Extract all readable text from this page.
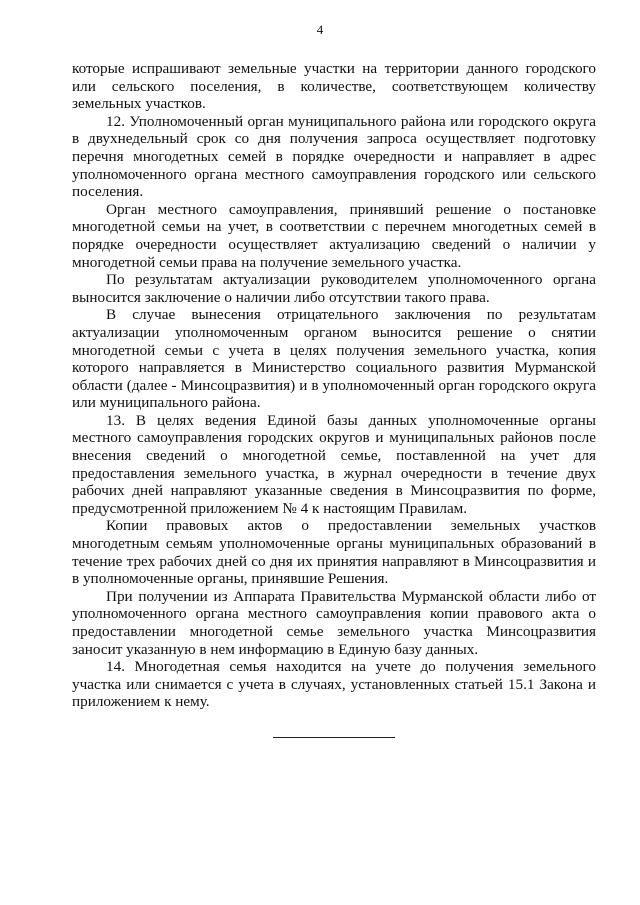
4

которые испрашивают земельные участки на территории данного городского или сельского поселения, в количестве, соответствующем количеству земельных участков.

12. Уполномоченный орган муниципального района или городского округа в двухнедельный срок со дня получения запроса осуществляет подготовку перечня многодетных семей в порядке очередности и направляет в адрес уполномоченного органа местного самоуправления городского или сельского поселения.

Орган местного самоуправления, принявший решение о постановке многодетной семьи на учет, в соответствии с перечнем многодетных семей в порядке очередности осуществляет актуализацию сведений о наличии у многодетной семьи права на получение земельного участка.

По результатам актуализации руководителем уполномоченного органа выносится заключение о наличии либо отсутствии такого права.

В случае вынесения отрицательного заключения по результатам актуализации уполномоченным органом выносится решение о снятии многодетной семьи с учета в целях получения земельного участка, копия которого направляется в Министерство социального развития Мурманской области (далее - Минсоцразвития) и в уполномоченный орган городского округа или муниципального района.

13. В целях ведения Единой базы данных уполномоченные органы местного самоуправления городских округов и муниципальных районов после внесения сведений о многодетной семье, поставленной на учет для предоставления земельного участка, в журнал очередности в течение двух рабочих дней направляют указанные сведения в Минсоцразвития по форме, предусмотренной приложением № 4 к настоящим Правилам.

Копии правовых актов о предоставлении земельных участков многодетным семьям уполномоченные органы муниципальных образований в течение трех рабочих дней со дня их принятия направляют в Минсоцразвития и в уполномоченные органы, принявшие Решения.

При получении из Аппарата Правительства Мурманской области либо от уполномоченного органа местного самоуправления копии правового акта о предоставлении многодетной семье земельного участка Минсоцразвития заносит указанную в нем информацию в Единую базу данных.

14. Многодетная семья находится на учете до получения земельного участка или снимается с учета в случаях, установленных статьей 15.1 Закона и приложением к нему.
